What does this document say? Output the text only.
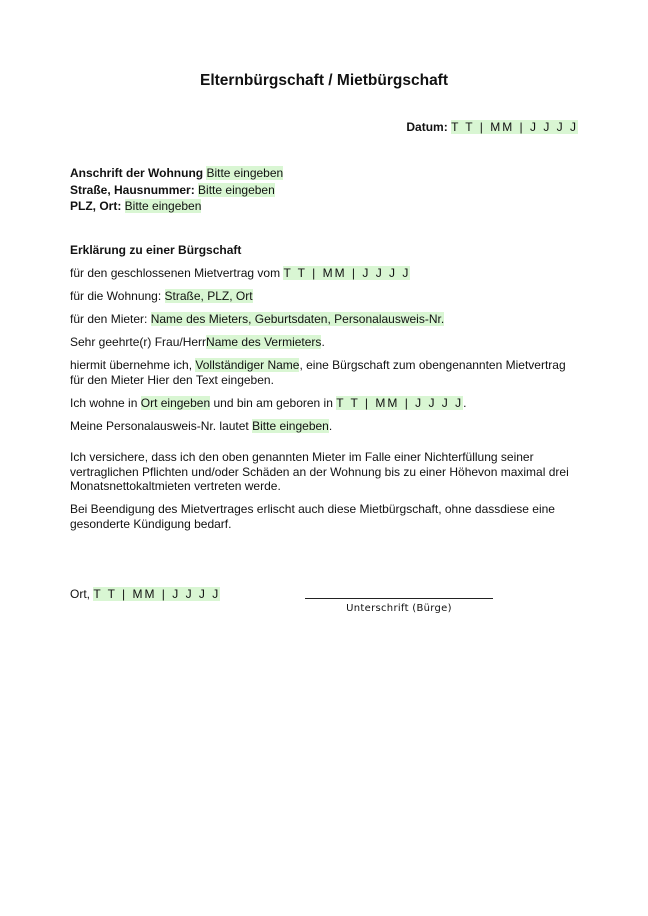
Elternbürgschaft / Mietbürgschaft
Datum: T T | MM | J J J J
Anschrift der Wohnung Bitte eingeben
Straße, Hausnummer: Bitte eingeben
PLZ, Ort: Bitte eingeben

Erklärung zu einer Bürgschaft

für den geschlossenen Mietvertrag vom T T | MM | J J J J

für die Wohnung: Straße, PLZ, Ort

für den Mieter: Name des Mieters, Geburtsdaten, Personalausweis-Nr.

Sehr geehrte(r) Frau/HerrName des Vermieters.

hiermit übernehme ich, Vollständiger Name, eine Bürgschaft zum obengenannten Mietvertrag für den Mieter Hier den Text eingeben.

Ich wohne in Ort eingeben und bin am geboren in T T | MM | J J J J.

Meine Personalausweis-Nr. lautet Bitte eingeben.

Ich versichere, dass ich den oben genannten Mieter im Falle einer Nichterfüllung seiner vertraglichen Pflichten und/oder Schäden an der Wohnung bis zu einer Höhevon maximal drei Monatsnettokaltmieten vertreten werde.

Bei Beendigung des Mietvertrages erlischt auch diese Mietbürgschaft, ohne dassdiese eine gesonderte Kündigung bedarf.

Ort, T T | MM | J J J J
Unterschrift (Bürge)
